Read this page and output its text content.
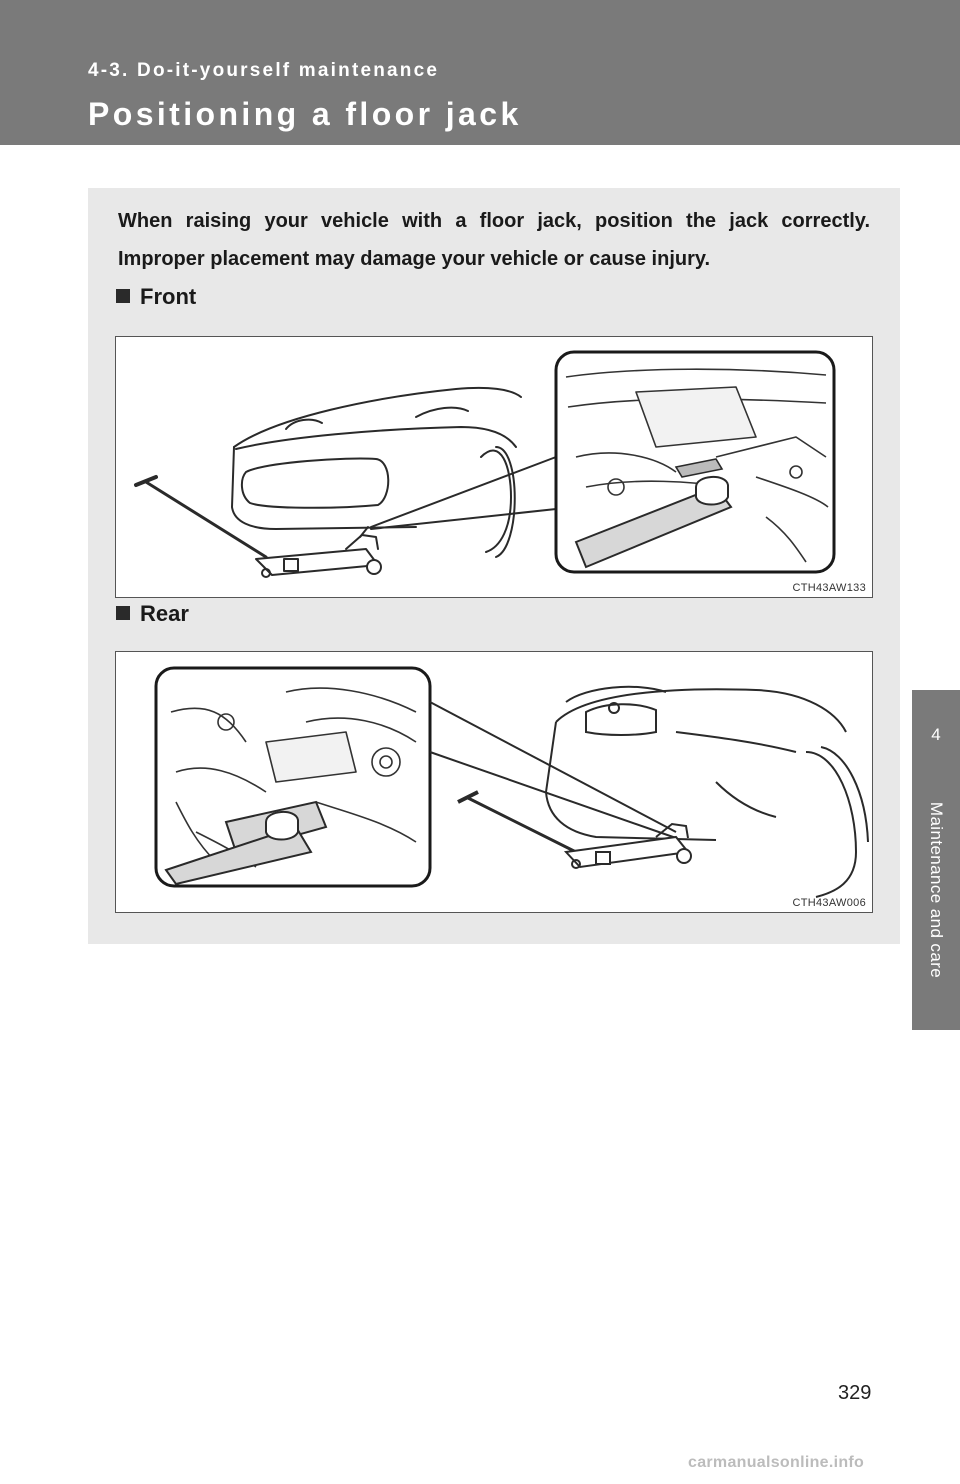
4-3. Do-it-yourself maintenance
Positioning a floor jack
4
Maintenance and care

When raising your vehicle with a floor jack, position the jack correctly. Improper placement may damage your vehicle or cause injury.

Front

CTH43AW133

Rear

CTH43AW006
329
carmanualsonline.info
